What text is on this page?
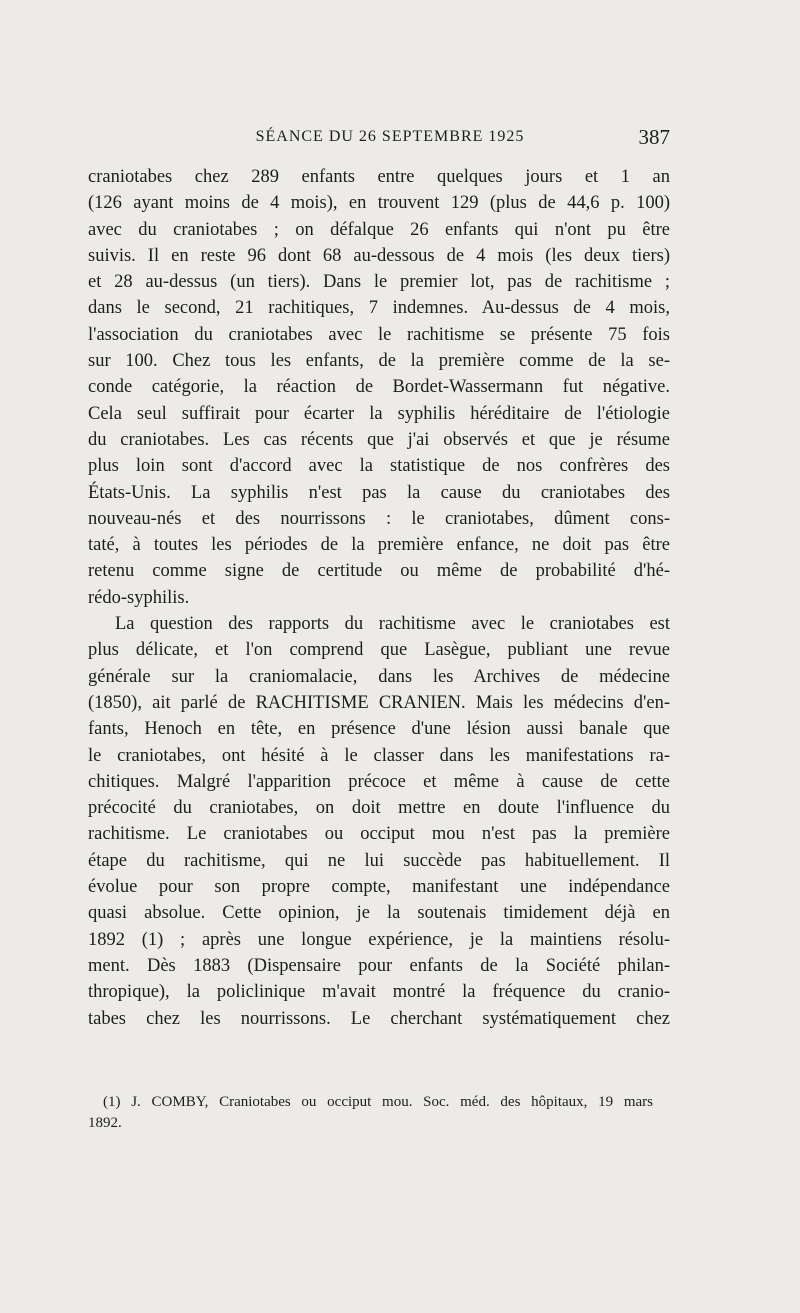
SÉANCE DU 26 SEPTEMBRE 1925	387
craniotabes chez 289 enfants entre quelques jours et 1 an
(126 ayant moins de 4 mois), en trouvent 129 (plus de 44,6 p. 100)
avec du craniotabes ; on défalque 26 enfants qui n'ont pu être
suivis. Il en reste 96 dont 68 au-dessous de 4 mois (les deux tiers)
et 28 au-dessus (un tiers). Dans le premier lot, pas de rachitisme ;
dans le second, 21 rachitiques, 7 indemnes. Au-dessus de 4 mois,
l'association du craniotabes avec le rachitisme se présente 75 fois
sur 100. Chez tous les enfants, de la première comme de la se-
conde catégorie, la réaction de Bordet-Wassermann fut négative.
Cela seul suffirait pour écarter la syphilis héréditaire de l'étiologie
du craniotabes. Les cas récents que j'ai observés et que je résume
plus loin sont d'accord avec la statistique de nos confrères des
États-Unis. La syphilis n'est pas la cause du craniotabes des
nouveau-nés et des nourrissons : le craniotabes, dûment cons-
taté, à toutes les périodes de la première enfance, ne doit pas être
retenu comme signe de certitude ou même de probabilité d'hé-
rédo-syphilis.
La question des rapports du rachitisme avec le craniotabes est
plus délicate, et l'on comprend que Lasègue, publiant une revue
générale sur la craniomalacie, dans les Archives de médecine
(1850), ait parlé de RACHITISME CRANIEN. Mais les médecins d'en-
fants, Henoch en tête, en présence d'une lésion aussi banale que
le craniotabes, ont hésité à le classer dans les manifestations ra-
chitiques. Malgré l'apparition précoce et même à cause de cette
précocité du craniotabes, on doit mettre en doute l'influence du
rachitisme. Le craniotabes ou occiput mou n'est pas la première
étape du rachitisme, qui ne lui succède pas habituellement. Il
évolue pour son propre compte, manifestant une indépendance
quasi absolue. Cette opinion, je la soutenais timidement déjà en
1892 (1) ; après une longue expérience, je la maintiens résolu-
ment. Dès 1883 (Dispensaire pour enfants de la Société philan-
thropique), la policlinique m'avait montré la fréquence du cranio-
tabes chez les nourrissons. Le cherchant systématiquement chez
(1) J. COMBY, Craniotabes ou occiput mou. Soc. méd. des hôpitaux, 19 mars
1892.
